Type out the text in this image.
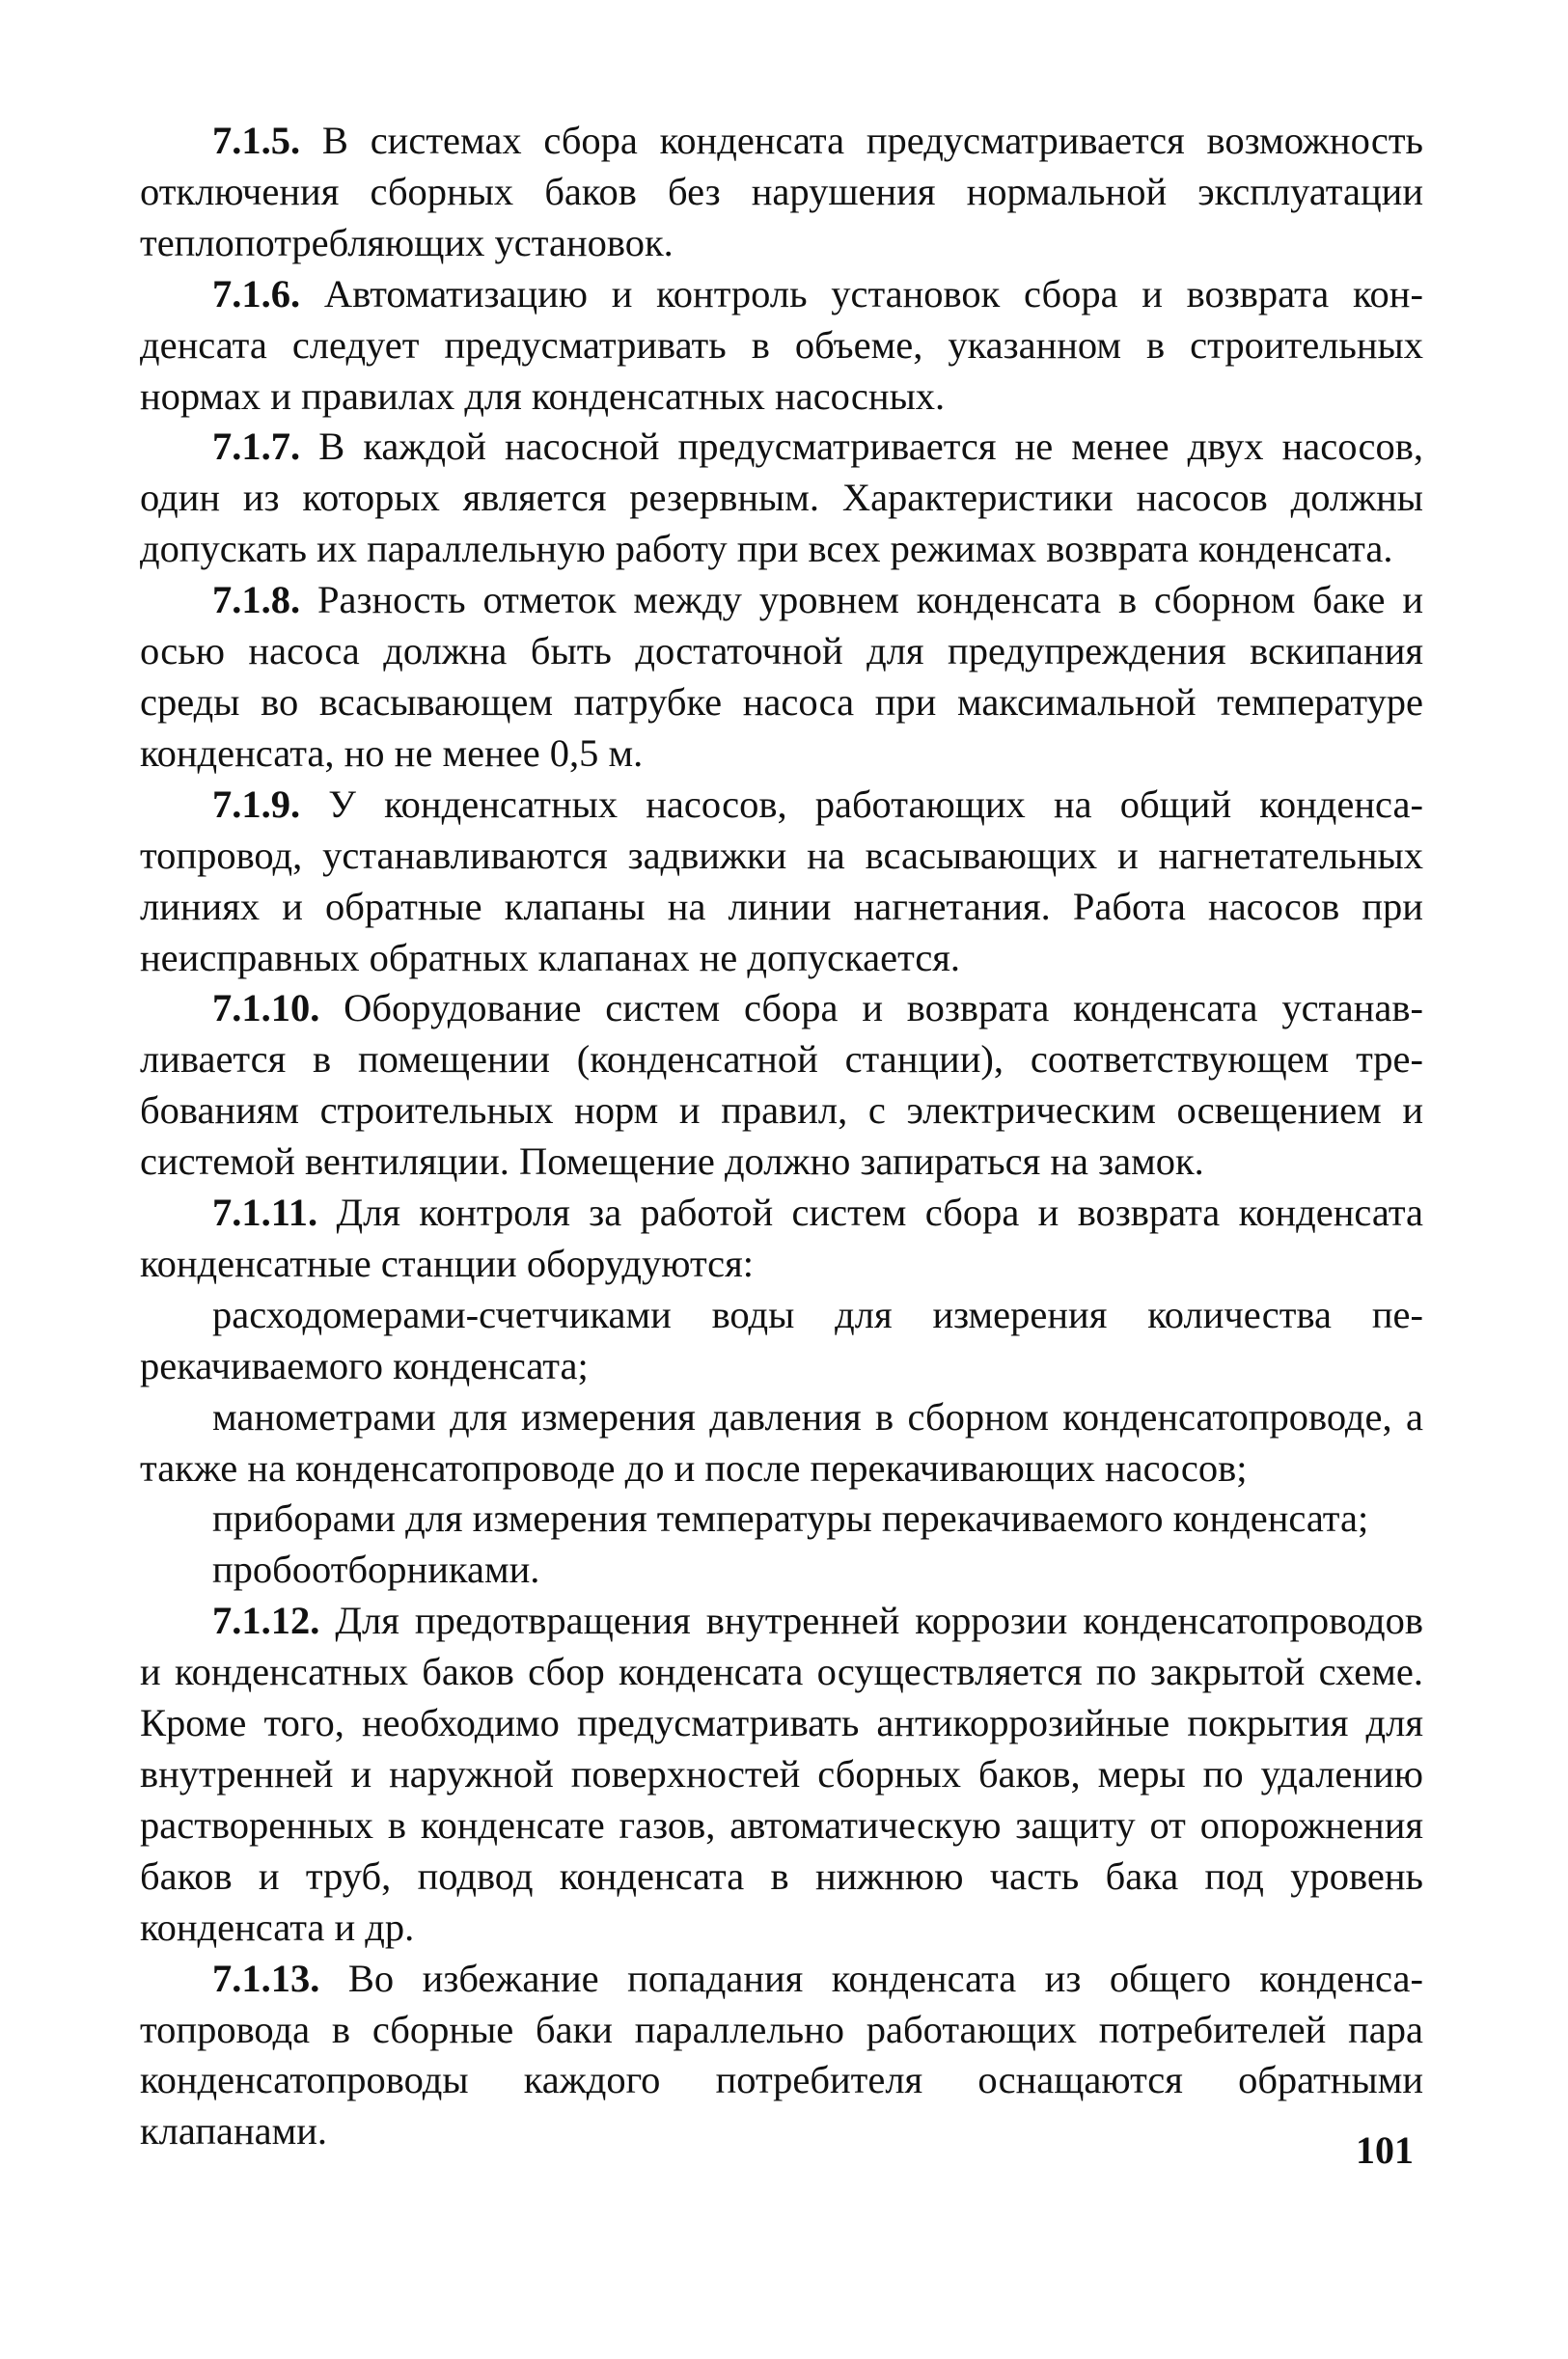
7.1.5. В системах сбора конденсата предусматривается возможность отключения сборных баков без нарушения нормальной эксплуатации теплопотребляющих установок.

7.1.6. Автоматизацию и контроль установок сбора и возврата конденсата следует предусматривать в объеме, указанном в строительных нормах и правилах для конденсатных насосных.

7.1.7. В каждой насосной предусматривается не менее двух насосов, один из которых является резервным. Характеристики насосов должны допускать их параллельную работу при всех режимах возврата конденсата.

7.1.8. Разность отметок между уровнем конденсата в сборном баке и осью насоса должна быть достаточной для предупреждения вскипания среды во всасывающем патрубке насоса при максимальной температуре конденсата, но не менее 0,5 м.

7.1.9. У конденсатных насосов, работающих на общий конденсатопровод, устанавливаются задвижки на всасывающих и нагнетательных линиях и обратные клапаны на линии нагнетания. Работа насосов при неисправных обратных клапанах не допускается.

7.1.10. Оборудование систем сбора и возврата конденсата устанавливается в помещении (конденсатной станции), соответствующем требованиям строительных норм и правил, с электрическим освещением и системой вентиляции. Помещение должно запираться на замок.

7.1.11. Для контроля за работой систем сбора и возврата конденсата конденсатные станции оборудуются:

расходомерами-счетчиками воды для измерения количества перекачиваемого конденсата;

манометрами для измерения давления в сборном конденсатопроводе, а также на конденсатопроводе до и после перекачивающих насосов;

приборами для измерения температуры перекачиваемого конденсата;

пробоотборниками.

7.1.12. Для предотвращения внутренней коррозии конденсатопроводов и конденсатных баков сбор конденсата осуществляется по закрытой схеме. Кроме того, необходимо предусматривать антикоррозийные покрытия для внутренней и наружной поверхностей сборных баков, меры по удалению растворенных в конденсате газов, автоматическую защиту от опорожнения баков и труб, подвод конденсата в нижнюю часть бака под уровень конденсата и др.

7.1.13. Во избежание попадания конденсата из общего конденсатопровода в сборные баки параллельно работающих потребителей пара конденсатопроводы каждого потребителя оснащаются обратными клапанами.	101
